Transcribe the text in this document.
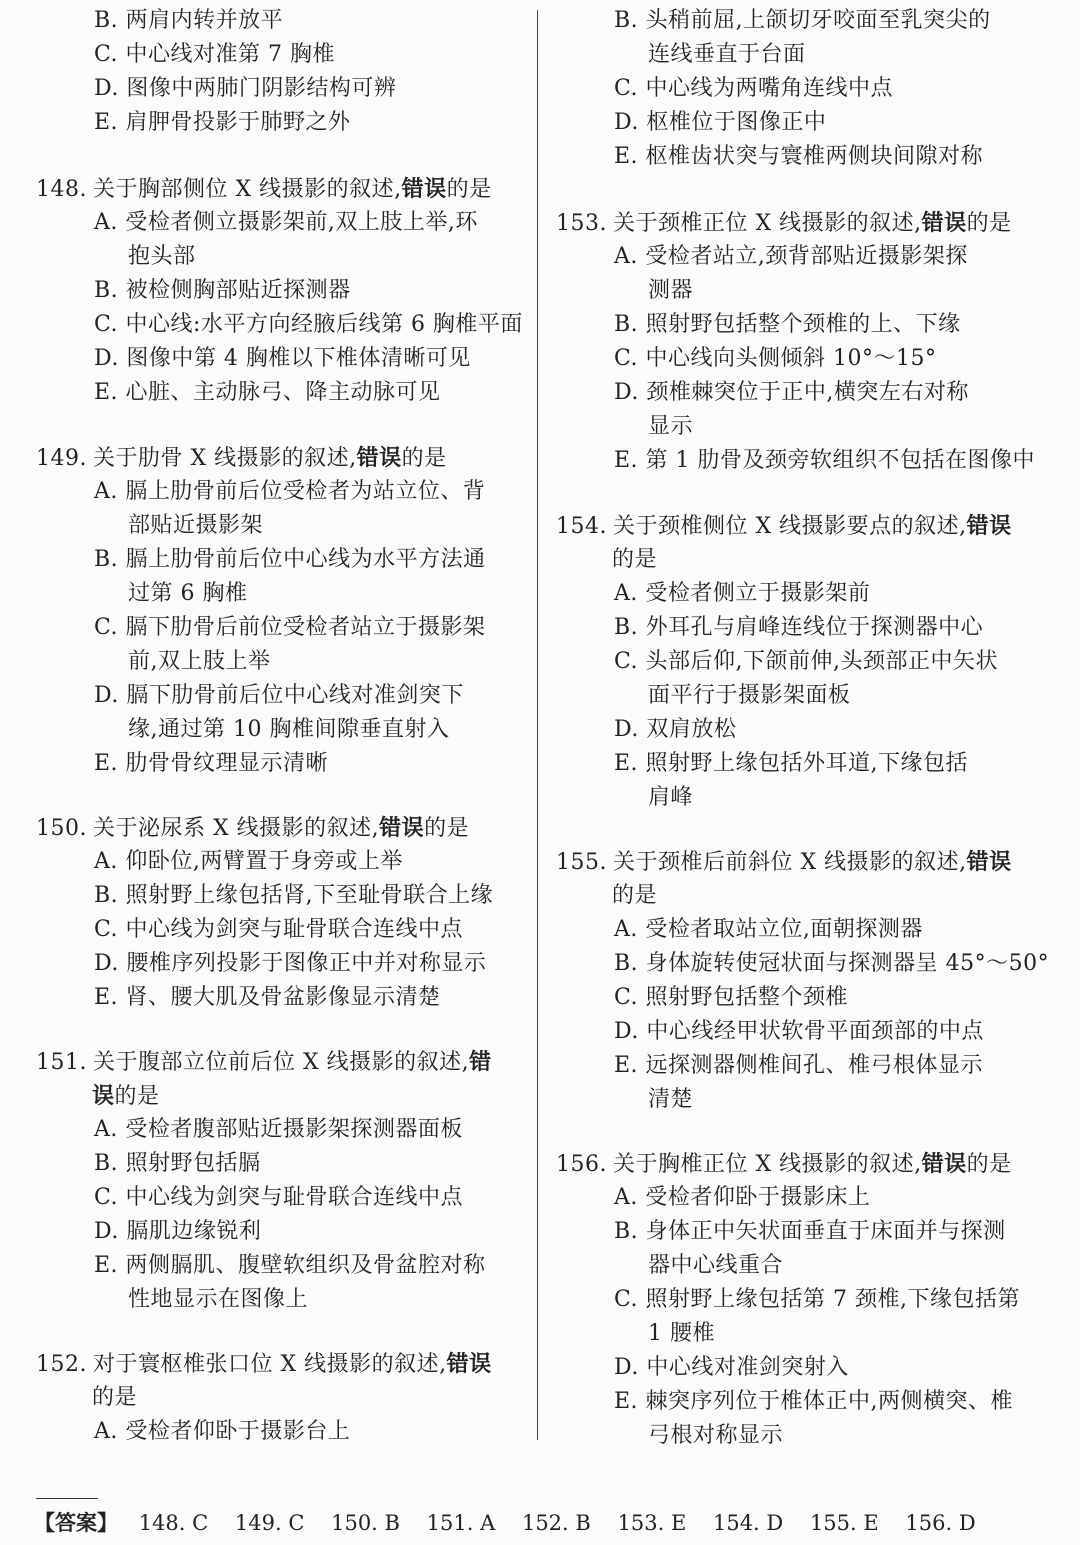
B. 两肩内转并放平
C. 中心线对准第 7 胸椎
D. 图像中两肺门阴影结构可辨
E. 肩胛骨投影于肺野之外
148. 关于胸部侧位 X 线摄影的叙述,错误的是
A. 受检者侧立摄影架前,双上肢上举,环
抱头部
B. 被检侧胸部贴近探测器
C. 中心线:水平方向经腋后线第 6 胸椎平面
D. 图像中第 4 胸椎以下椎体清晰可见
E. 心脏、主动脉弓、降主动脉可见
149. 关于肋骨 X 线摄影的叙述,错误的是
A. 膈上肋骨前后位受检者为站立位、背
部贴近摄影架
B. 膈上肋骨前后位中心线为水平方法通
过第 6 胸椎
C. 膈下肋骨后前位受检者站立于摄影架
前,双上肢上举
D. 膈下肋骨前后位中心线对准剑突下
缘,通过第 10 胸椎间隙垂直射入
E. 肋骨骨纹理显示清晰
150. 关于泌尿系 X 线摄影的叙述,错误的是
A. 仰卧位,两臂置于身旁或上举
B. 照射野上缘包括肾,下至耻骨联合上缘
C. 中心线为剑突与耻骨联合连线中点
D. 腰椎序列投影于图像正中并对称显示
E. 肾、腰大肌及骨盆影像显示清楚
151. 关于腹部立位前后位 X 线摄影的叙述,错
误的是
A. 受检者腹部贴近摄影架探测器面板
B. 照射野包括膈
C. 中心线为剑突与耻骨联合连线中点
D. 膈肌边缘锐利
E. 两侧膈肌、腹壁软组织及骨盆腔对称
性地显示在图像上
152. 对于寰枢椎张口位 X 线摄影的叙述,错误
的是
A. 受检者仰卧于摄影台上
B. 头稍前屈,上颌切牙咬面至乳突尖的
连线垂直于台面
C. 中心线为两嘴角连线中点
D. 枢椎位于图像正中
E. 枢椎齿状突与寰椎两侧块间隙对称
153. 关于颈椎正位 X 线摄影的叙述,错误的是
A. 受检者站立,颈背部贴近摄影架探
测器
B. 照射野包括整个颈椎的上、下缘
C. 中心线向头侧倾斜 10°～15°
D. 颈椎棘突位于正中,横突左右对称
显示
E. 第 1 肋骨及颈旁软组织不包括在图像中
154. 关于颈椎侧位 X 线摄影要点的叙述,错误
的是
A. 受检者侧立于摄影架前
B. 外耳孔与肩峰连线位于探测器中心
C. 头部后仰,下颌前伸,头颈部正中矢状
面平行于摄影架面板
D. 双肩放松
E. 照射野上缘包括外耳道,下缘包括
肩峰
155. 关于颈椎后前斜位 X 线摄影的叙述,错误
的是
A. 受检者取站立位,面朝探测器
B. 身体旋转使冠状面与探测器呈 45°～50°
C. 照射野包括整个颈椎
D. 中心线经甲状软骨平面颈部的中点
E. 远探测器侧椎间孔、椎弓根体显示
清楚
156. 关于胸椎正位 X 线摄影的叙述,错误的是
A. 受检者仰卧于摄影床上
B. 身体正中矢状面垂直于床面并与探测
器中心线重合
C. 照射野上缘包括第 7 颈椎,下缘包括第
1 腰椎
D. 中心线对准剑突射入
E. 棘突序列位于椎体正中,两侧横突、椎
弓根对称显示
【答案】 148. C 149. C 150. B 151. A 152. B 153. E 154. D 155. E 156. D
